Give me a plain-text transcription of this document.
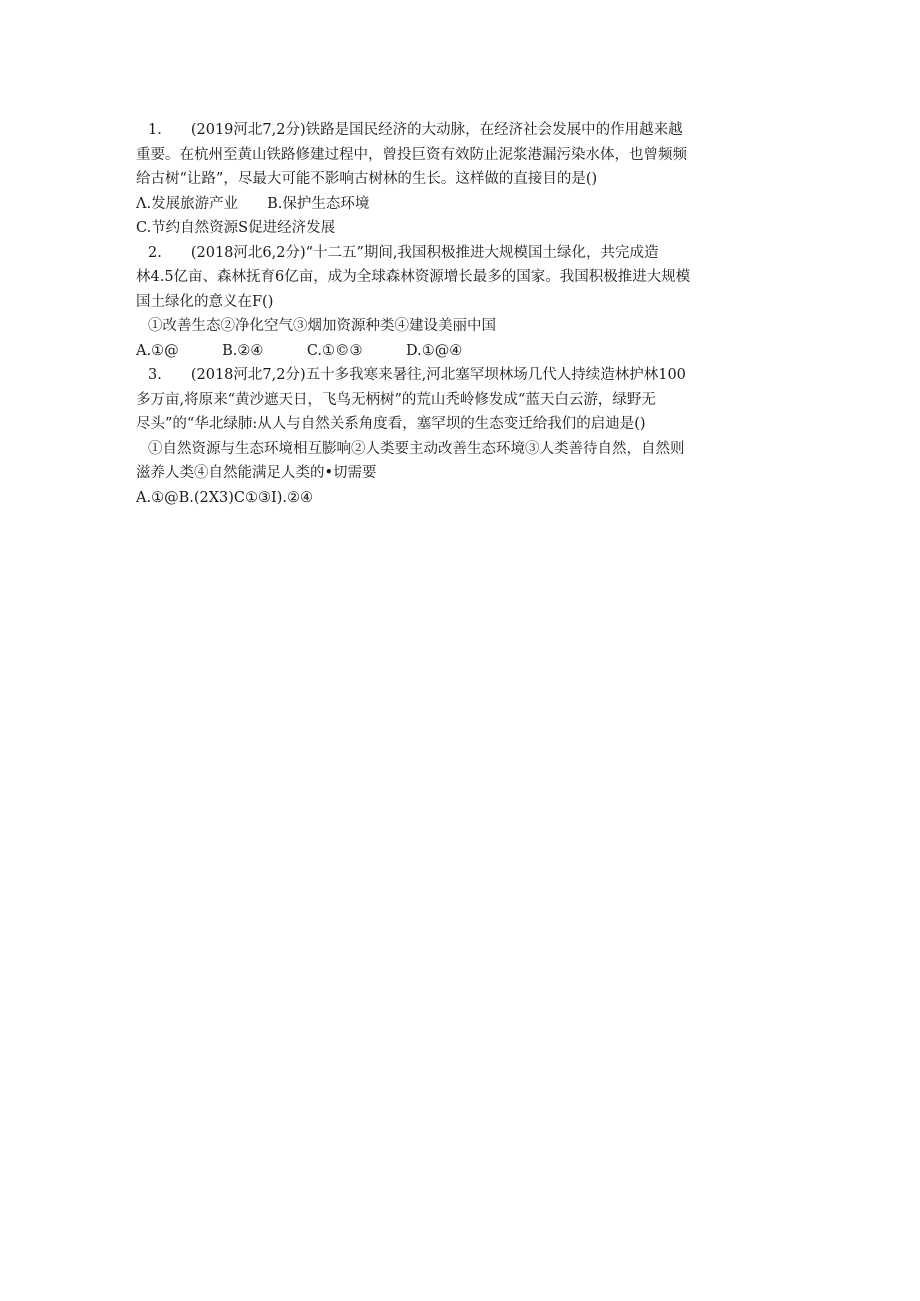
1.　　(2019河北7,2分)铁路是国民经济的大动脉，在经济社会发展中的作用越来越
重要。在杭州至黄山铁路修建过程中，曾投巨资有效防止泥浆港漏污染水体，也曾频频
给古树“让路”，尽最大可能不影响古树林的生长。这样做的直接目的是()
Λ.发展旅游产业　　B.保护生态环境
C.节约自然资源S促进经济发展
2.　　(2018河北6,2分)“十二五”期间,我国积极推进大规模国土绿化，共完成造
林4.5亿亩、森林抚育6亿亩，成为全球森林资源增长最多的国家。我国积极推进大规模
国土绿化的意义在F()
①改善生态②净化空气③烟加资源种类④建设美丽中国
A.①@　　　B.②④　　　C.①©③　　　D.①@④
3.　　(2018河北7,2分)五十多我寒来暑往,河北塞罕坝林场几代人持续造林护林100
多万亩,将原来“黄沙遮天日，飞鸟无柄树”的荒山秃岭修发成“蓝天白云游，绿野无
尽头”的“华北绿肺:从人与自然关系角度看，塞罕坝的生态变迁给我们的启迪是()
①自然资源与生态环境相互膨响②人类要主动改善生态环境③人类善待自然，自然则
滋养人类④自然能满足人类的•切需要
A.①@B.(2X3)C①③I).②④
